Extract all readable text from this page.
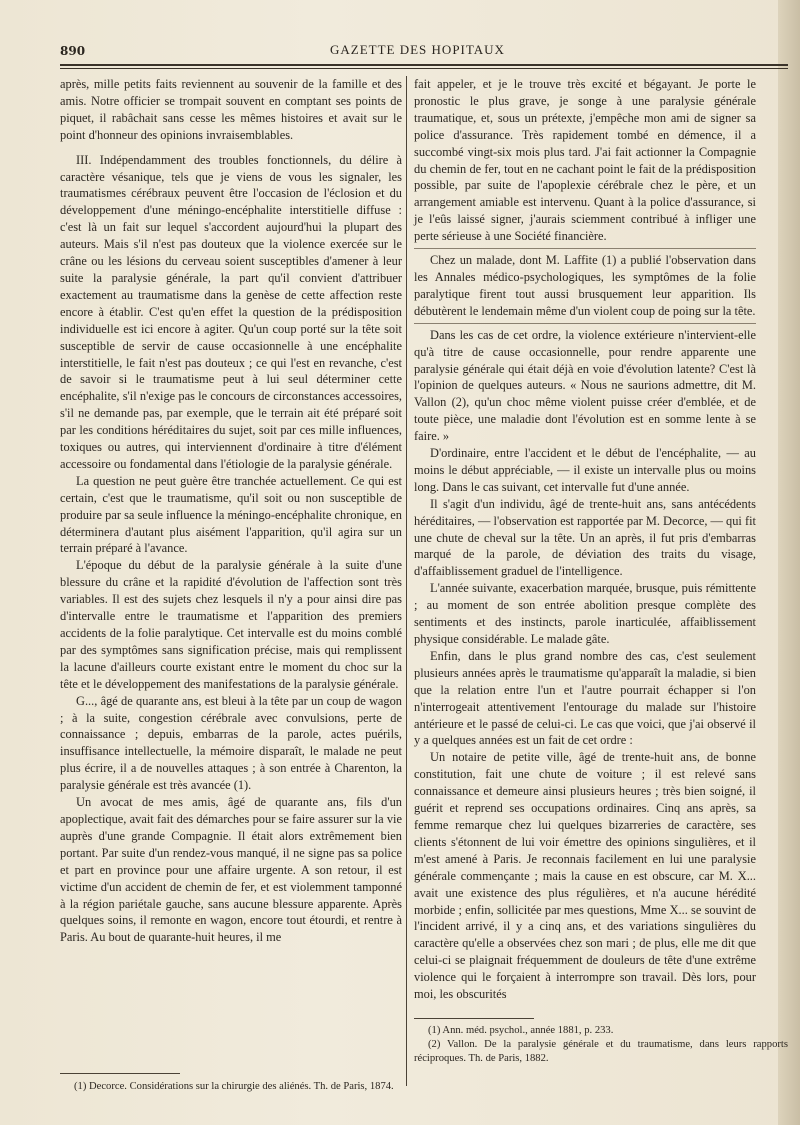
890	GAZETTE DES HOPITAUX

après, mille petits faits reviennent au souvenir de la famille et des amis. Notre officier se trompait souvent en comptant ses points de piquet, il rabâchait sans cesse les mêmes histoires et avait sur le point d'honneur des opinions invraisemblables.

III. Indépendamment des troubles fonctionnels, du délire à caractère vésanique, tels que je viens de vous les signaler, les traumatismes cérébraux peuvent être l'occasion de l'éclosion et du développement d'une méningo-encéphalite interstitielle diffuse : c'est là un fait sur lequel s'accordent aujourd'hui la plupart des auteurs. Mais s'il n'est pas douteux que la violence exercée sur le crâne ou les lésions du cerveau soient susceptibles d'amener à leur suite la paralysie générale, la part qu'il convient d'attribuer exactement au traumatisme dans la genèse de cette affection reste encore à établir. C'est qu'en effet la question de la prédisposition individuelle est ici encore à agiter. Qu'un coup porté sur la tête soit susceptible de servir de cause occasionnelle à une encéphalite interstitielle, le fait n'est pas douteux ; ce qui l'est en revanche, c'est de savoir si le traumatisme peut à lui seul déterminer cette encéphalite, s'il n'exige pas le concours de circonstances accessoires, s'il ne demande pas, par exemple, que le terrain ait été préparé soit par les conditions héréditaires du sujet, soit par ces mille influences, toxiques ou autres, qui interviennent d'ordinaire à titre d'élément accessoire ou fondamental dans l'étiologie de la paralysie générale.

La question ne peut guère être tranchée actuellement. Ce qui est certain, c'est que le traumatisme, qu'il soit ou non susceptible de produire par sa seule influence la méningo-encéphalite chronique, en déterminera d'autant plus aisément l'apparition, qu'il agira sur un terrain préparé à l'avance.

L'époque du début de la paralysie générale à la suite d'une blessure du crâne et la rapidité d'évolution de l'affection sont très variables. Il est des sujets chez lesquels il n'y a pour ainsi dire pas d'intervalle entre le traumatisme et l'apparition des premiers accidents de la folie paralytique. Cet intervalle est du moins comblé par des symptômes sans signification précise, mais qui remplissent la lacune d'ailleurs courte existant entre le moment du choc sur la tête et le développement des manifestations de la paralysie générale.

G..., âgé de quarante ans, est bleui à la tête par un coup de wagon ; à la suite, congestion cérébrale avec convulsions, perte de connaissance ; depuis, embarras de la parole, actes puérils, insuffisance intellectuelle, la mémoire disparaît, le malade ne peut plus écrire, il a de nouvelles attaques ; à son entrée à Charenton, la paralysie générale est très avancée (1).

Un avocat de mes amis, âgé de quarante ans, fils d'un apoplectique, avait fait des démarches pour se faire assurer sur la vie auprès d'une grande Compagnie. Il était alors extrêmement bien portant. Par suite d'un rendez-vous manqué, il ne signe pas sa police et part en province pour une affaire urgente. A son retour, il est victime d'un accident de chemin de fer, et est violemment tamponné à la région pariétale gauche, sans aucune blessure apparente. Après quelques soins, il remonte en wagon, encore tout étourdi, et rentre à Paris. Au bout de quarante-huit heures, il me

fait appeler, et je le trouve très excité et bégayant. Je porte le pronostic le plus grave, je songe à une paralysie générale traumatique, et, sous un prétexte, j'empêche mon ami de signer sa police d'assurance. Très rapidement tombé en démence, il a succombé vingt-six mois plus tard. J'ai fait actionner la Compagnie du chemin de fer, tout en ne cachant point le fait de la prédisposition possible, par suite de l'apoplexie cérébrale chez le père, et un arrangement amiable est intervenu. Quant à la police d'assurance, si je l'eûs laissé signer, j'aurais sciemment contribué à infliger une perte sérieuse à une Société financière.

Chez un malade, dont M. Laffite (1) a publié l'observation dans les Annales médico-psychologiques, les symptômes de la folie paralytique firent tout aussi brusquement leur apparition. Ils débutèrent le lendemain même d'un violent coup de poing sur la tête.

Dans les cas de cet ordre, la violence extérieure n'intervient-elle qu'à titre de cause occasionnelle, pour rendre apparente une paralysie générale qui était déjà en voie d'évolution latente? C'est là l'opinion de quelques auteurs. « Nous ne saurions admettre, dit M. Vallon (2), qu'un choc même violent puisse créer d'emblée, et de toute pièce, une maladie dont l'évolution est en somme lente à se faire. »

D'ordinaire, entre l'accident et le début de l'encéphalite, — au moins le début appréciable, — il existe un intervalle plus ou moins long. Dans le cas suivant, cet intervalle fut d'une année.

Il s'agit d'un individu, âgé de trente-huit ans, sans antécédents héréditaires, — l'observation est rapportée par M. Decorce, — qui fit une chute de cheval sur la tête. Un an après, il fut pris d'embarras marqué de la parole, de déviation des traits du visage, d'affaiblissement graduel de l'intelligence.

L'année suivante, exacerbation marquée, brusque, puis rémittente ; au moment de son entrée abolition presque complète des sentiments et des instincts, parole inarticulée, affaiblissement physique considérable. Le malade gâte.

Enfin, dans le plus grand nombre des cas, c'est seulement plusieurs années après le traumatisme qu'apparaît la maladie, si bien que la relation entre l'un et l'autre pourrait échapper si l'on n'interrogeait attentivement l'entourage du malade sur l'histoire antérieure et le passé de celui-ci. Le cas que voici, que j'ai observé il y a quelques années est un fait de cet ordre :

Un notaire de petite ville, âgé de trente-huit ans, de bonne constitution, fait une chute de voiture ; il est relevé sans connaissance et demeure ainsi plusieurs heures ; très bien soigné, il guérit et reprend ses occupations ordinaires. Cinq ans après, sa femme remarque chez lui quelques bizarreries de caractère, ses clients s'étonnent de lui voir émettre des opinions singulières, et il m'est amené à Paris. Je reconnais facilement en lui une paralysie générale commençante ; mais la cause en est obscure, car M. X... avait une existence des plus régulières, et n'a aucune hérédité morbide ; enfin, sollicitée par mes questions, Mme X... se souvint de l'incident arrivé, il y a cinq ans, et des variations singulières du caractère qu'elle a observées chez son mari ; de plus, elle me dit que celui-ci se plaignait fréquemment de douleurs de tête d'une extrême violence qui le forçaient à interrompre son travail. Dès lors, pour moi, les obscurités

(1) Decorce. Considérations sur la chirurgie des aliénés. Th. de Paris, 1874.
(1) Ann. méd. psychol., année 1881, p. 233.
(2) Vallon. De la paralysie générale et du traumatisme, dans leurs rapports réciproques. Th. de Paris, 1882.
